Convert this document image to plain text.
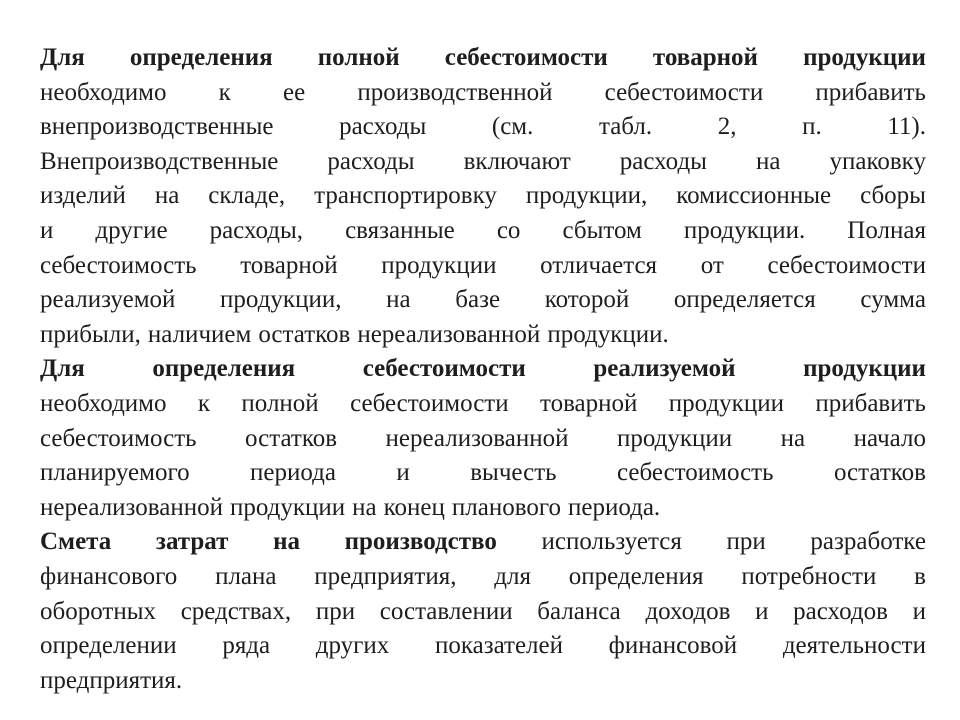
Для определения полной себестоимости товарной продукции
необходимо к ее производственной себестоимости прибавить
внепроизводственные	расходы	(см.	табл.	2,	п.	11).
Внепроизводственные расходы включают расходы на упаковку
изделий на складе, транспортировку продукции, комиссионные сборы
и другие расходы, связанные со сбытом продукции. Полная
себестоимость товарной продукции отличается от себестоимости
реализуемой продукции, на базе которой определяется сумма
прибыли, наличием остатков нереализованной продукции.
Для	определения	себестоимости	реализуемой	продукции
необходимо к полной себестоимости товарной продукции прибавить
себестоимость остатков нереализованной продукции на начало
планируемого периода и вычесть себестоимость остатков
нереализованной продукции на конец планового периода.
Смета затрат на производство используется при разработке
финансового плана предприятия, для определения потребности в
оборотных средствах, при составлении баланса доходов и расходов и
определении ряда других показателей финансовой деятельности
предприятия.
